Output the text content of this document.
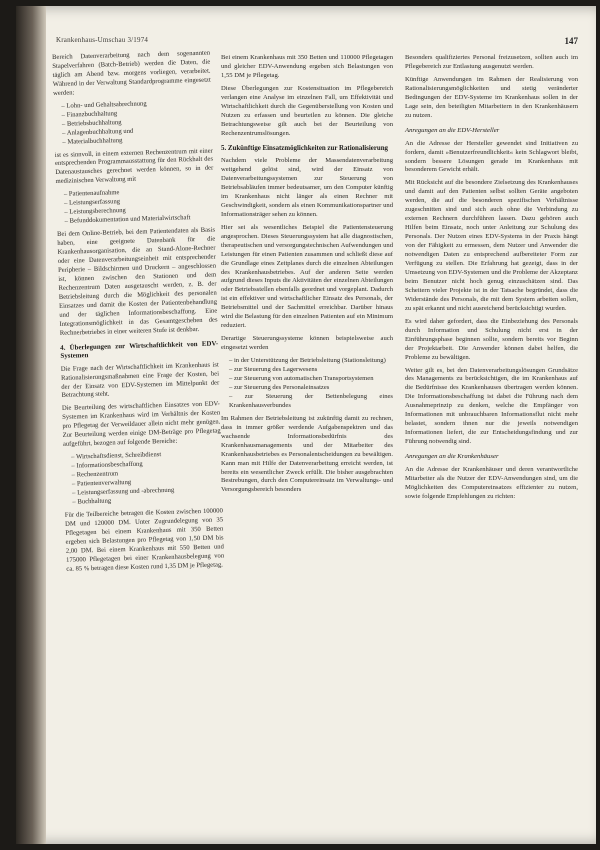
Krankenhaus-Umschau 3/1974	147

Bereich Datenverarbeitung nach dem sogenannten Stapelverfahren (Batch-Betrieb) werden die Daten, die täglich am Abend bzw. morgens vorliegen, verarbeitet. Während in der Verwaltung Standardprogramme eingesetzt werden:

– Lohn- und Gehaltsabrechnung
– Finanzbuchhaltung
– Betriebsbuchhaltung
– Anlagenbuchhaltung und
– Materialbuchhaltung

ist es sinnvoll, in einem externen Rechenzentrum mit einer entsprechenden Programmausstattung für den Rückhalt des Datenaustausches gerechnet werden können, so in der medizinischen Verwaltung mit

– Patientenaufnahme
– Leistungserfassung
– Leistungsberechnung
– Befunddokumentation und Materialwirtschaft

Bei dem Online-Betrieb, bei dem Patientendaten als Basis haben, eine geeignete Datenbank für die Krankenhausorganisation, die an Stand-Alone-Rechner oder eine Datenverarbeitungseinheit mit entsprechender Peripherie – Bildschirmen und Druckern – angeschlossen ist, können zwischen den Stationen und dem Rechenzentrum Daten ausgetauscht werden, z. B. der Betriebsleitung durch die Möglichkeit des personalen Einsatzes und damit die Kosten der Patientenbehandlung und der täglichen Informationsbeschaffung. Eine Integrationsmöglichkeit in das Gesamtgeschehen des Rechnerbetriebes in einer weiteren Stufe ist denkbar.

4. Überlegungen zur Wirtschaftlichkeit von EDV-Systemen

Die Frage nach der Wirtschaftlichkeit im Krankenhaus ist Rationalisierungsmaßnahmen eine Frage der Kosten, bei der der Einsatz von EDV-Systemen im Mittelpunkt der Betrachtung steht.

Die Beurteilung des wirtschaftlichen Einsatzes von EDV-Systemen im Krankenhaus wird im Verhältnis der Kosten pro Pflegetag der Verweildauer allein nicht mehr genügen. Zur Beurteilung werden einige DM-Beträge pro Pflegetag aufgeführt, bezogen auf folgende Bereiche:

– Wirtschaftsdienst, Schreibdienst
– Informationsbeschaffung
– Rechenzentrum
– Patientenverwaltung
– Leistungserfassung und -abrechnung
– Buchhaltung

Für die Teilbereiche betragen die Kosten zwischen 100000 DM und 120000 DM. Unter Zugrundelegung von 35 Pflegetagen bei einem Krankenhaus mit 350 Betten ergeben sich Belastungen pro Pflegetag von 1,50 DM bis 2,00 DM. Bei einem Krankenhaus mit 550 Betten und 175000 Pflegetagen bei einer Krankenhausbelegung von ca. 85 % betragen diese Kosten rund 1,35 DM je Pflegetag.

Bei einem Krankenhaus mit 350 Betten und 110000 Pflegetagen und gleicher EDV-Anwendung ergeben sich Belastungen von 1,55 DM je Pflegetag.

Diese Überlegungen zur Kostensituation im Pflegebereich verlangen eine Analyse im einzelnen Fall, um Effektivität und Wirtschaftlichkeit durch die Gegenüberstellung von Kosten und Nutzen zu erfassen und beurteilen zu können. Die gleiche Betrachtungsweise gilt auch bei der Beurteilung von Rechenzentrumslösungen.

5. Zukünftige Einsatzmöglichkeiten zur Rationalisierung

Nachdem viele Probleme der Massendatenverarbeitung weitgehend gelöst sind, wird der Einsatz von Datenverarbeitungssystemen zur Steuerung von Betriebsabläufen immer bedeutsamer, um den Computer künftig im Krankenhaus nicht länger als einen Rechner mit Geschwindigkeit, sondern als einen Kommunikationspartner und Informationsträger sehen zu können.

Hier sei als wesentliches Beispiel die Patientensteuerung angesprochen. Dieses Steuerungssystem hat alle diagnostischen, therapeutischen und versorgungstechnischen Aufwendungen und Leistungen für einen Patienten zusammen und schließt diese auf die Grundlage eines Zeitplanes durch die einzelnen Abteilungen des Krankenhausbetriebes. Auf der anderen Seite werden aufgrund dieses Inputs die Aktivitäten der einzelnen Abteilungen oder Betriebsstellen ebenfalls geordnet und vorgeplant. Dadurch ist ein effektiver und wirtschaftlicher Einsatz des Personals, der Betriebsmittel und der Sachmittel erreichbar. Darüber hinaus wird die Belastung für den einzelnen Patienten auf ein Minimum reduziert.

Derartige Steuerungssysteme können beispielsweise auch eingesetzt werden

– in der Unterstützung der Betriebsleitung (Stationsleitung)
– zur Steuerung des Lagerwesens
– zur Steuerung von automatischen Transportsystemen
– zur Steuerung des Personaleinsatzes
– zur Steuerung der Bettenbelegung eines Krankenhausverbundes

Im Rahmen der Betriebsleitung ist zukünftig damit zu rechnen, dass in immer größer werdende Aufgabenspektren und das wachsende Informationsbedürfnis des Krankenhausmanagements und der Mitarbeiter des Krankenhausbetriebes es Personalentscheidungen zu bewältigen. Kann man mit Hilfe der Datenverarbeitung erreicht werden, ist bereits ein wesentlicher Zweck erfüllt. Die bisher ausgebrachten Bestrebungen, durch den Computereinsatz im Verwaltungs- und Versorgungsbereich besonders

Besonders qualifiziertes Personal freizusetzen, sollten auch im Pflegebereich zur Entlastung ausgenutzt werden.

Künftige Anwendungen im Rahmen der Realisierung von Rationalisierungsmöglichkeiten und stetig veränderter Bedingungen der EDV-Systeme im Krankenhaus sollen in der Lage sein, den beteiligten Mitarbeitern in den Krankenhäusern zu nutzen.

Anregungen an die EDV-Hersteller

An die Adresse der Hersteller gewendet sind Initiativen zu fordern, damit »Benutzerfreundlichkeit« kein Schlagwort bleibt, sondern bessere Lösungen gerade im Krankenhaus mit besonderem Gewicht erhält.

Mit Rücksicht auf die besondere Zielsetzung des Krankenhauses und damit auf den Patienten selbst sollten Geräte angeboten werden, die auf die besonderen spezifischen Verhältnisse zugeschnitten sind und sich auch ohne die Verbindung zu externen Rechnern durchführen lassen. Dazu gehören auch Hilfen beim Einsatz, noch unter Anleitung zur Schulung des Personals. Der Nutzen eines EDV-Systems in der Praxis hängt von der Fähigkeit zu ermessen, dem Nutzer und Anwender die notwendigen Daten zu entsprechend aufbereiteter Form zur Verfügung zu stellen. Die Erfahrung hat gezeigt, dass in der Umsetzung von EDV-Systemen und die Probleme der Akzeptanz beim Benutzer nicht hoch genug einzuschätzen sind. Das Scheitern vieler Projekte ist in der Tatsache begründet, dass die Widerstände des Personals, die mit dem System arbeiten sollen, zu spät erkannt und nicht ausreichend berücksichtigt wurden.

Es wird daher gefordert, dass die Einbeziehung des Personals durch Information und Schulung nicht erst in der Einführungsphase beginnen sollte, sondern bereits vor Beginn der Projektarbeit. Die Anwender können dabei helfen, die Probleme zu bewältigen.

Weiter gilt es, bei den Datenverarbeitungslösungen Grundsätze des Managements zu berücksichtigen, die im Krankenhaus auf die Bedürfnisse des Krankenhauses übertragen werden können. Die Informationsbeschaffung ist dabei die Führung nach dem Ausnahmeprinzip zu denken, welche die Empfänger von Informationen mit unbrauchbaren Informationsflut nicht mehr belastet, sondern ihnen nur die jeweils notwendigen Informationen liefert, die zur Entscheidungsfindung und zur Führung notwendig sind.

Anregungen an die Krankenhäuser

An die Adresse der Krankenhäuser und deren verantwortliche Mitarbeiter als die Nutzer der EDV-Anwendungen sind, um die Möglichkeiten des Computereinsatzes effizienter zu nutzen, sowie folgende Empfehlungen zu richten:
